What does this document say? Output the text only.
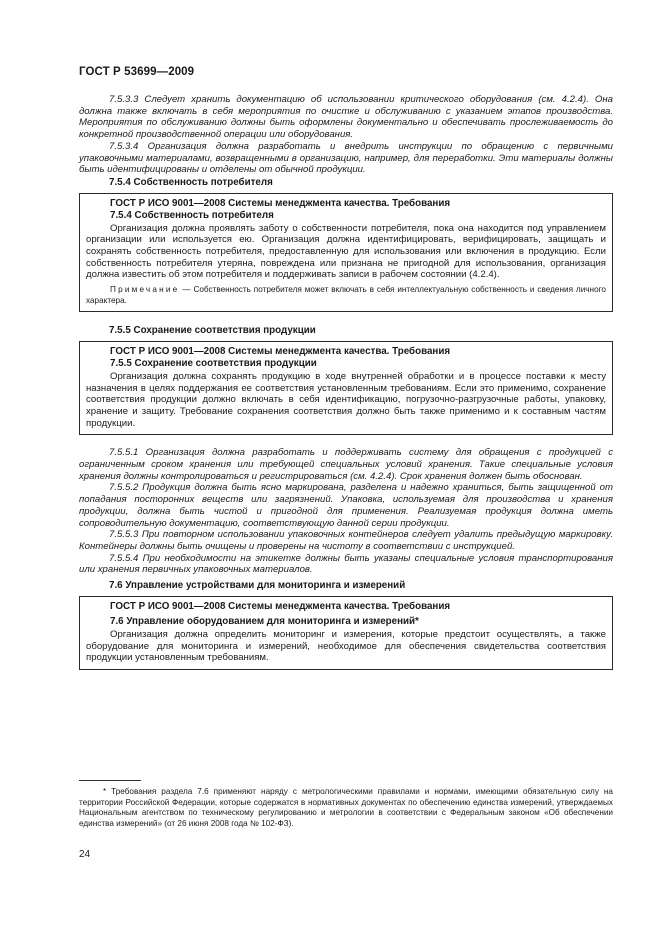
ГОСТ Р 53699—2009

7.5.3.3 Следует хранить документацию об использовании критического оборудования (см. 4.2.4). Она должна также включать в себя мероприятия по очистке и обслуживанию с указанием этапов производства. Мероприятия по обслуживанию должны быть оформлены документально и обеспечивать прослеживаемость до конкретной производственной операции или оборудования.

7.5.3.4 Организация должна разработать и внедрить инструкции по обращению с первичными упаковочными материалами, возвращенными в организацию, например, для переработки. Эти материалы должны быть идентифицированы и отделены от обычной продукции.

7.5.4 Собственность потребителя

ГОСТ Р ИСО 9001—2008 Системы менеджмента качества. Требования

7.5.4 Собственность потребителя

Организация должна проявлять заботу о собственности потребителя, пока она находится под управлением организации или используется ею. Организация должна идентифицировать, верифицировать, защищать и сохранять собственность потребителя, предоставленную для использования или включения в продукцию. Если собственность потребителя утеряна, повреждена или признана не пригодной для использования, организация должна известить об этом потребителя и поддерживать записи в рабочем состоянии (4.2.4).

Примечание — Собственность потребителя может включать в себя интеллектуальную собственность и сведения личного характера.

7.5.5 Сохранение соответствия продукции

ГОСТ Р ИСО 9001—2008 Системы менеджмента качества. Требования

7.5.5 Сохранение соответствия продукции

Организация должна сохранять продукцию в ходе внутренней обработки и в процессе поставки к месту назначения в целях поддержания ее соответствия установленным требованиям. Если это применимо, сохранение соответствия продукции должно включать в себя идентификацию, погрузочно-разгрузочные работы, упаковку, хранение и защиту. Требование сохранения соответствия должно быть также применимо и к составным частям продукции.

7.5.5.1 Организация должна разработать и поддерживать систему для обращения с продукцией с ограниченным сроком хранения или требующей специальных условий хранения. Такие специальные условия хранения должны контролироваться и регистрироваться (см. 4.2.4). Срок хранения должен быть обоснован.

7.5.5.2 Продукция должна быть ясно маркирована, разделена и надежно храниться, быть защищенной от попадания посторонних веществ или загрязнений. Упаковка, используемая для производства и хранения продукции, должна быть чистой и пригодной для применения. Реализуемая продукция должна иметь сопроводительную документацию, соответствующую данной серии продукции.

7.5.5.3 При повторном использовании упаковочных контейнеров следует удалить предыдущую маркировку. Контейнеры должны быть очищены и проверены на чистоту в соответствии с инструкцией.

7.5.5.4 При необходимости на этикетке должны быть указаны специальные условия транспортирования или хранения первичных упаковочных материалов.

7.6 Управление устройствами для мониторинга и измерений

ГОСТ Р ИСО 9001—2008 Системы менеджмента качества. Требования

7.6 Управление оборудованием для мониторинга и измерений*

Организация должна определить мониторинг и измерения, которые предстоит осуществлять, а также оборудование для мониторинга и измерений, необходимое для обеспечения свидетельства соответствия продукции установленным требованиям.

* Требования раздела 7.6 применяют наряду с метрологическими правилами и нормами, имеющими обязательную силу на территории Российской Федерации, которые содержатся в нормативных документах по обеспечению единства измерений, утверждаемых Национальным агентством по техническому регулированию и метрологии в соответствии с Федеральным законом «Об обеспечении единства измерений» (от 26 июня 2008 года № 102-ФЗ).

24
